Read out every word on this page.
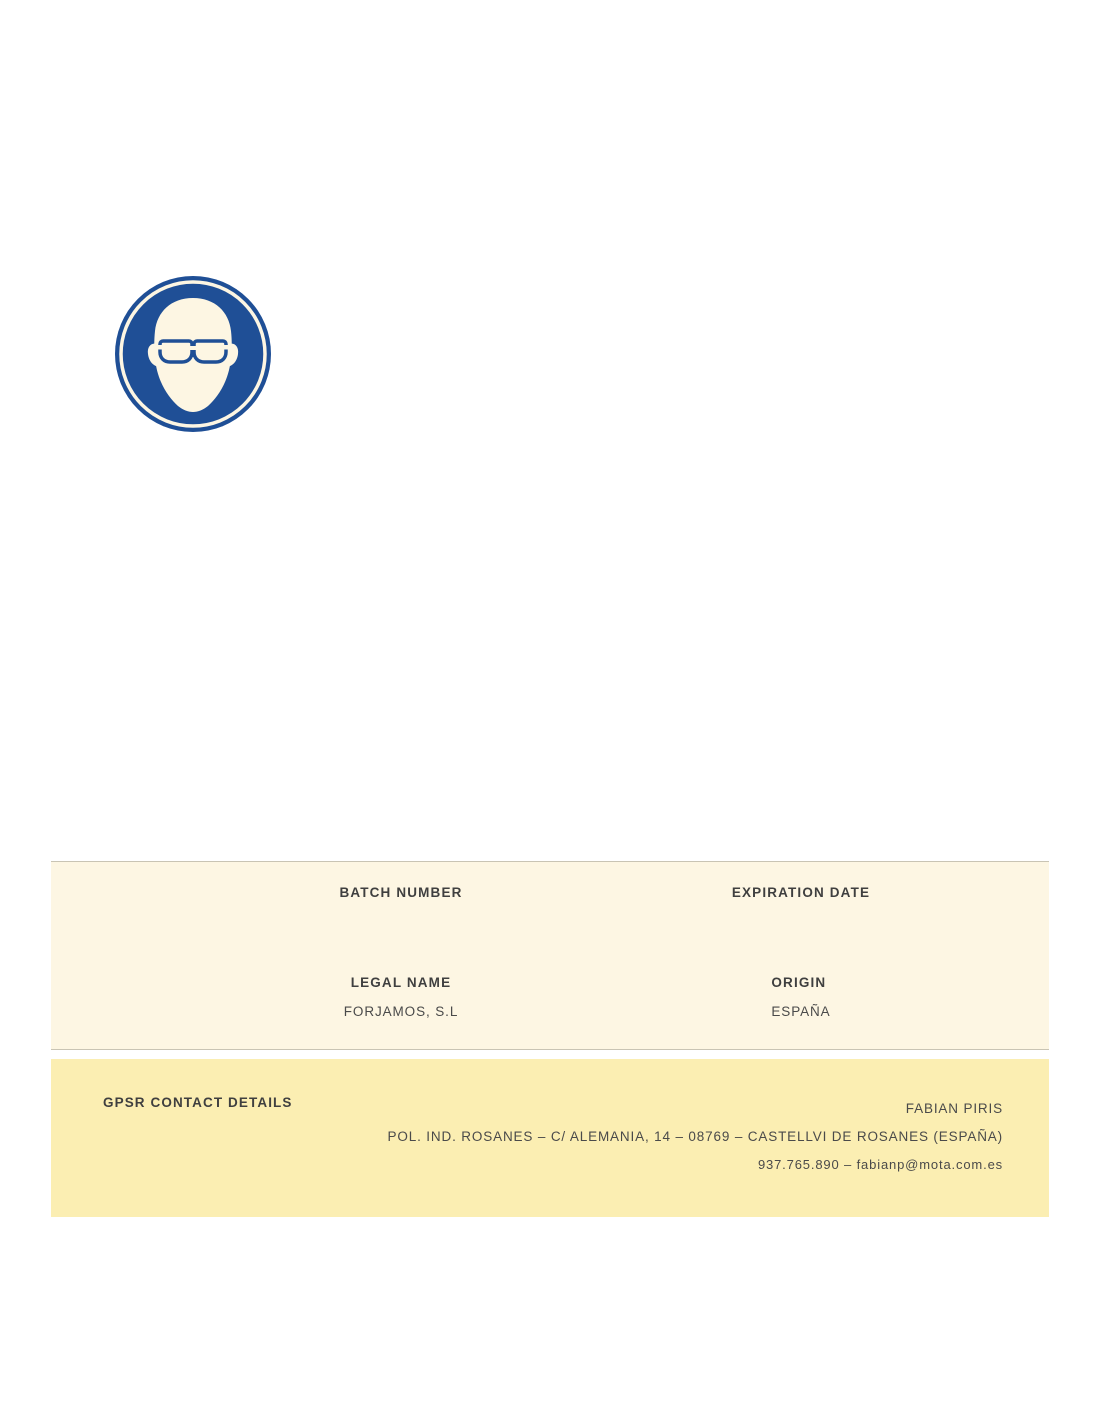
BATCH NUMBER	EXPIRATION DATE
LEGAL NAME
FORJAMOS, S.L
ORIGIN
ESPAÑA
GPSR CONTACT DETAILS	FABIAN PIRIS
POL. IND. ROSANES – C/ ALEMANIA, 14 – 08769 – CASTELLVI DE ROSANES (ESPAÑA)
937.765.890 – fabianp@mota.com.es
